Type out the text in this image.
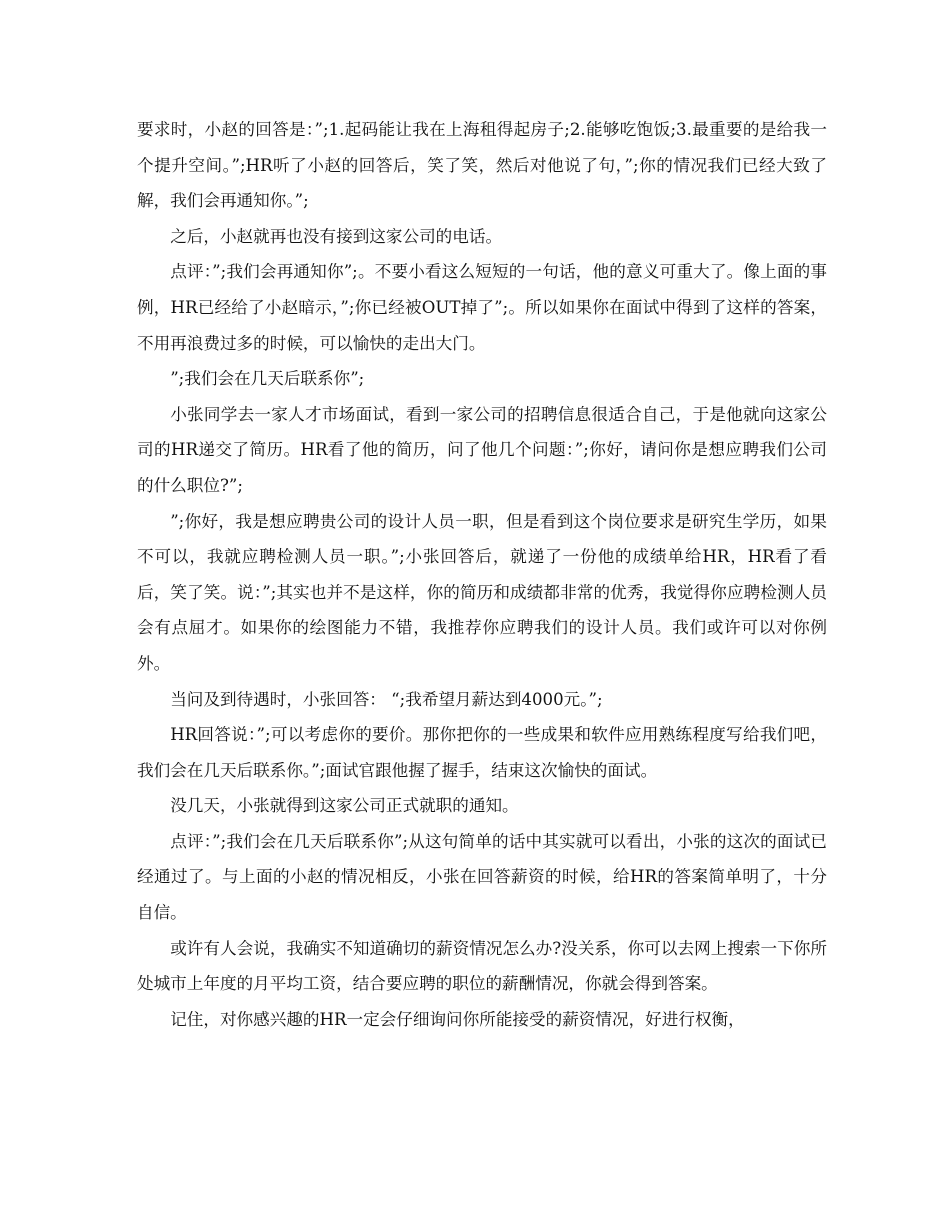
要求时，小赵的回答是：”;1.起码能让我在上海租得起房子;2.能够吃饱饭;3.最重要的是给我一个提升空间。”;HR听了小赵的回答后，笑了笑，然后对他说了句，”;你的情况我们已经大致了解，我们会再通知你。”;

之后，小赵就再也没有接到这家公司的电话。

点评：”;我们会再通知你”;。不要小看这么短短的一句话，他的意义可重大了。像上面的事例，HR已经给了小赵暗示，”;你已经被OUT掉了”;。所以如果你在面试中得到了这样的答案，不用再浪费过多的时候，可以愉快的走出大门。

”;我们会在几天后联系你”;

小张同学去一家人才市场面试，看到一家公司的招聘信息很适合自己，于是他就向这家公司的HR递交了简历。HR看了他的简历，问了他几个问题：”;你好，请问你是想应聘我们公司的什么职位?”;

”;你好，我是想应聘贵公司的设计人员一职，但是看到这个岗位要求是研究生学历，如果不可以，我就应聘检测人员一职。”;小张回答后，就递了一份他的成绩单给HR，HR看了看后，笑了笑。说：”;其实也并不是这样，你的简历和成绩都非常的优秀，我觉得你应聘检测人员会有点屈才。如果你的绘图能力不错，我推荐你应聘我们的设计人员。我们或许可以对你例外。

当问及到待遇时，小张回答： “;我希望月薪达到4000元。”;

HR回答说：”;可以考虑你的要价。那你把你的一些成果和软件应用熟练程度写给我们吧，我们会在几天后联系你。”;面试官跟他握了握手，结束这次愉快的面试。

没几天，小张就得到这家公司正式就职的通知。

点评：”;我们会在几天后联系你”;从这句简单的话中其实就可以看出，小张的这次的面试已经通过了。与上面的小赵的情况相反，小张在回答薪资的时候，给HR的答案简单明了，十分自信。

或许有人会说，我确实不知道确切的薪资情况怎么办?没关系，你可以去网上搜索一下你所处城市上年度的月平均工资，结合要应聘的职位的薪酬情况，你就会得到答案。

记住，对你感兴趣的HR一定会仔细询问你所能接受的薪资情况，好进行权衡，
